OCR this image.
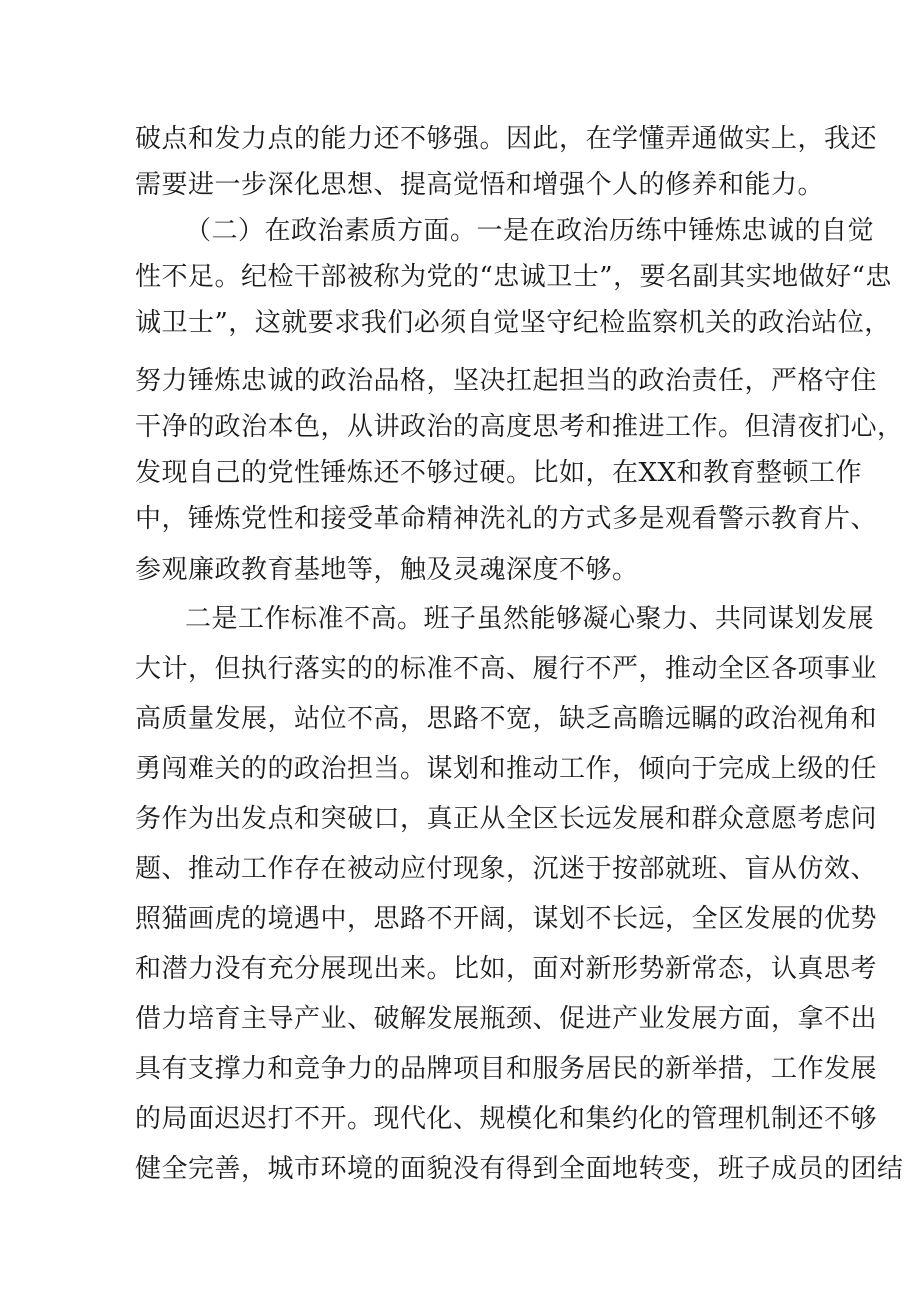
破点和发力点的能力还不够强。因此，在学懂弄通做实上，我还
需要进一步深化思想、提高觉悟和增强个人的修养和能力。
（二）在政治素质方面。一是在政治历练中锤炼忠诚的自觉
性不足。纪检干部被称为党的“忠诚卫士”，要名副其实地做好“忠
诚卫士”，这就要求我们必须自觉坚守纪检监察机关的政治站位，
努力锤炼忠诚的政治品格，坚决扛起担当的政治责任，严格守住
干净的政治本色，从讲政治的高度思考和推进工作。但清夜扪心，
发现自己的党性锤炼还不够过硬。比如，在XX和教育整顿工作
中，锤炼党性和接受革命精神洗礼的方式多是观看警示教育片、
参观廉政教育基地等，触及灵魂深度不够。
二是工作标准不高。班子虽然能够凝心聚力、共同谋划发展
大计，但执行落实的的标准不高、履行不严，推动全区各项事业
高质量发展，站位不高，思路不宽，缺乏高瞻远瞩的政治视角和
勇闯难关的的政治担当。谋划和推动工作，倾向于完成上级的任
务作为出发点和突破口，真正从全区长远发展和群众意愿考虑问
题、推动工作存在被动应付现象，沉迷于按部就班、盲从仿效、
照猫画虎的境遇中，思路不开阔，谋划不长远，全区发展的优势
和潜力没有充分展现出来。比如，面对新形势新常态，认真思考
借力培育主导产业、破解发展瓶颈、促进产业发展方面，拿不出
具有支撑力和竞争力的品牌项目和服务居民的新举措，工作发展
的局面迟迟打不开。现代化、规模化和集约化的管理机制还不够
健全完善，城市环境的面貌没有得到全面地转变，班子成员的团结
